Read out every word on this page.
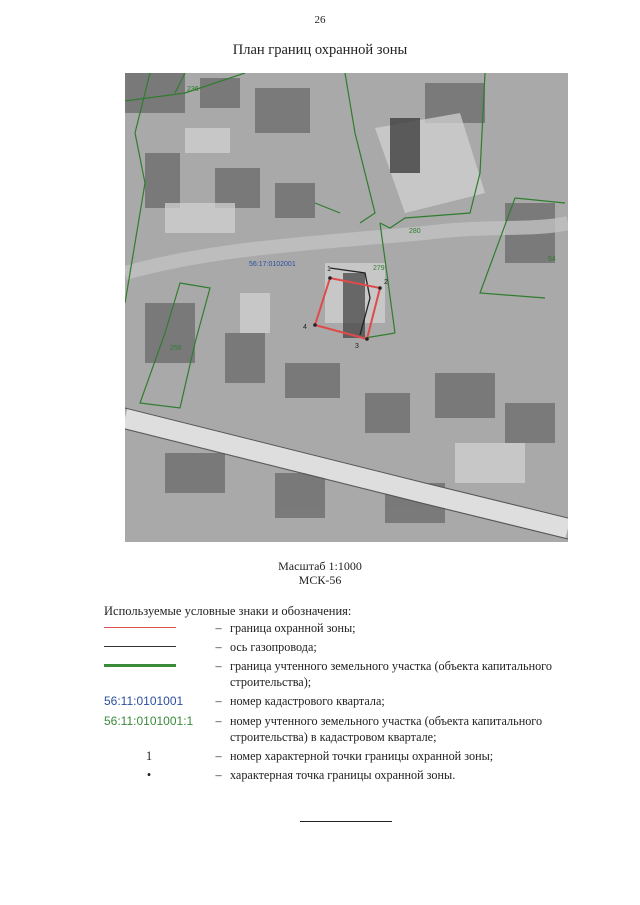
26
План границ охранной зоны
236
56:17:0102001
280
279
54
256
1
2
3
4
Масштаб 1:1000
МСК-56
Используемые условные знаки и обозначения:
– граница охранной зоны;
– ось газопровода;
– граница учтенного земельного участка (объекта капитального строительства);
56:11:0101001	– номер кадастрового квартала;
56:11:0101001:1	– номер учтенного земельного участка (объекта капитального строительства) в кадастровом квартале;
1	– номер характерной точки границы охранной зоны;
•	– характерная точка границы охранной зоны.
